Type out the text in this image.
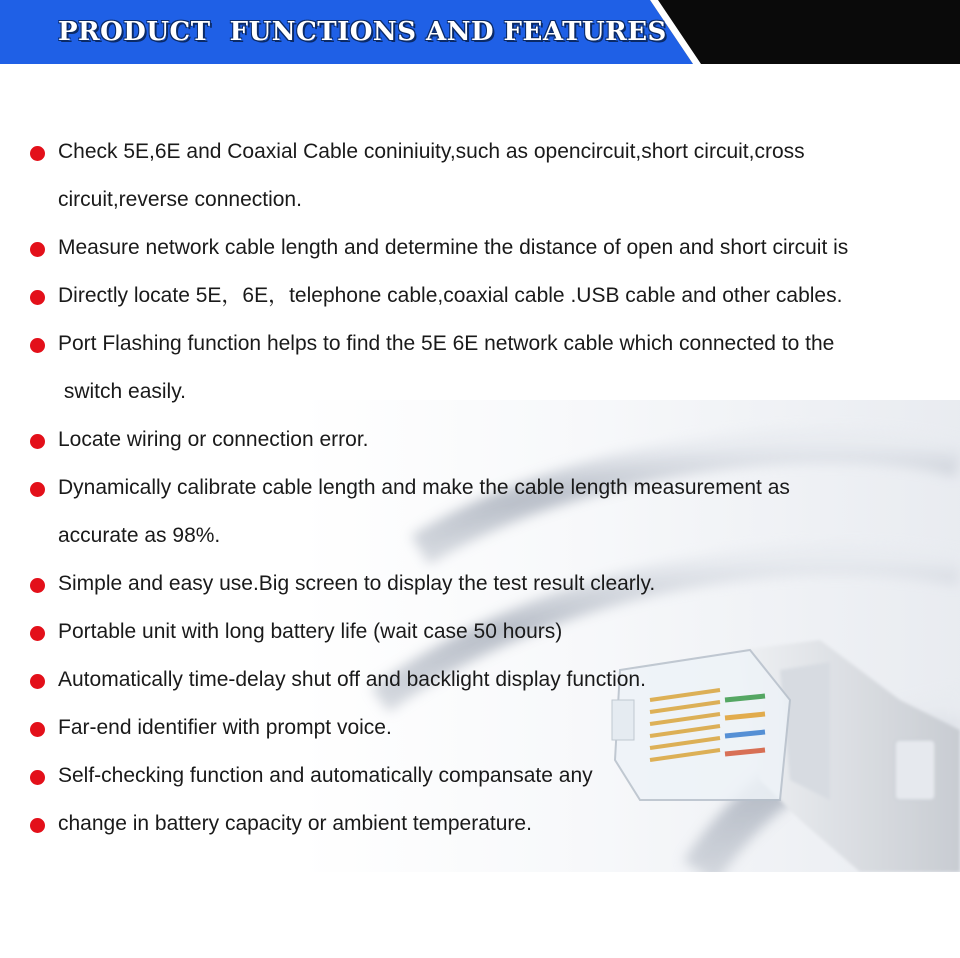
PRODUCT  FUNCTIONS AND FEATURES
Check 5E,6E and Coaxial Cable coniniuity,such as opencircuit,short circuit,cross
circuit,reverse connection.
Measure network cable length and determine the distance of open and short circuit is
Directly locate 5E，6E，telephone cable,coaxial cable .USB cable and other cables.
Port Flashing function helps to find the 5E 6E network cable which connected to the
switch easily.
Locate wiring or connection error.
Dynamically calibrate cable length and make the cable length measurement as
accurate as 98%.
Simple and easy use.Big screen to display the test result clearly.
Portable unit with long battery life (wait case 50 hours)
Automatically time-delay shut off and backlight display function.
Far-end identifier with prompt voice.
Self-checking function and automatically compansate any
change in battery capacity or ambient temperature.
